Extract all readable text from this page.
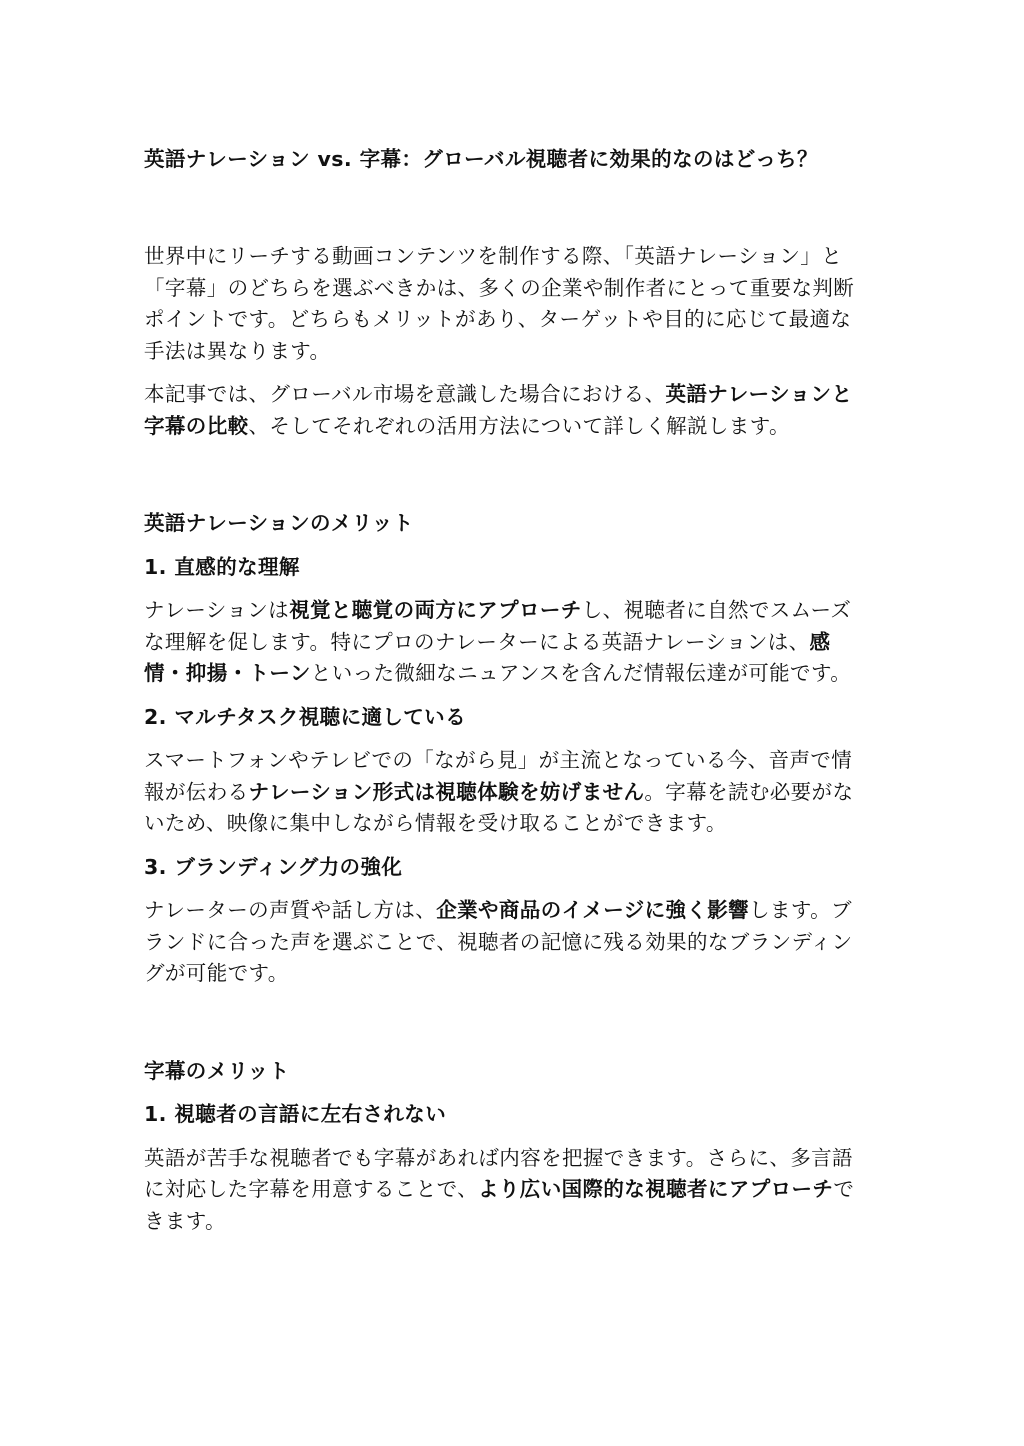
英語ナレーション vs. 字幕：グローバル視聴者に効果的なのはどっち？

世界中にリーチする動画コンテンツを制作する際、「英語ナレーション」と「字幕」のどちらを選ぶべきかは、多くの企業や制作者にとって重要な判断ポイントです。どちらもメリットがあり、ターゲットや目的に応じて最適な手法は異なります。

本記事では、グローバル市場を意識した場合における、英語ナレーションと字幕の比較、そしてそれぞれの活用方法について詳しく解説します。

英語ナレーションのメリット

1. 直感的な理解

ナレーションは視覚と聴覚の両方にアプローチし、視聴者に自然でスムーズな理解を促します。特にプロのナレーターによる英語ナレーションは、感情・抑揚・トーンといった微細なニュアンスを含んだ情報伝達が可能です。

2. マルチタスク視聴に適している

スマートフォンやテレビでの「ながら見」が主流となっている今、音声で情報が伝わるナレーション形式は視聴体験を妨げません。字幕を読む必要がないため、映像に集中しながら情報を受け取ることができます。

3. ブランディング力の強化

ナレーターの声質や話し方は、企業や商品のイメージに強く影響します。ブランドに合った声を選ぶことで、視聴者の記憶に残る効果的なブランディングが可能です。

字幕のメリット

1. 視聴者の言語に左右されない

英語が苦手な視聴者でも字幕があれば内容を把握できます。さらに、多言語に対応した字幕を用意することで、より広い国際的な視聴者にアプローチできます。
